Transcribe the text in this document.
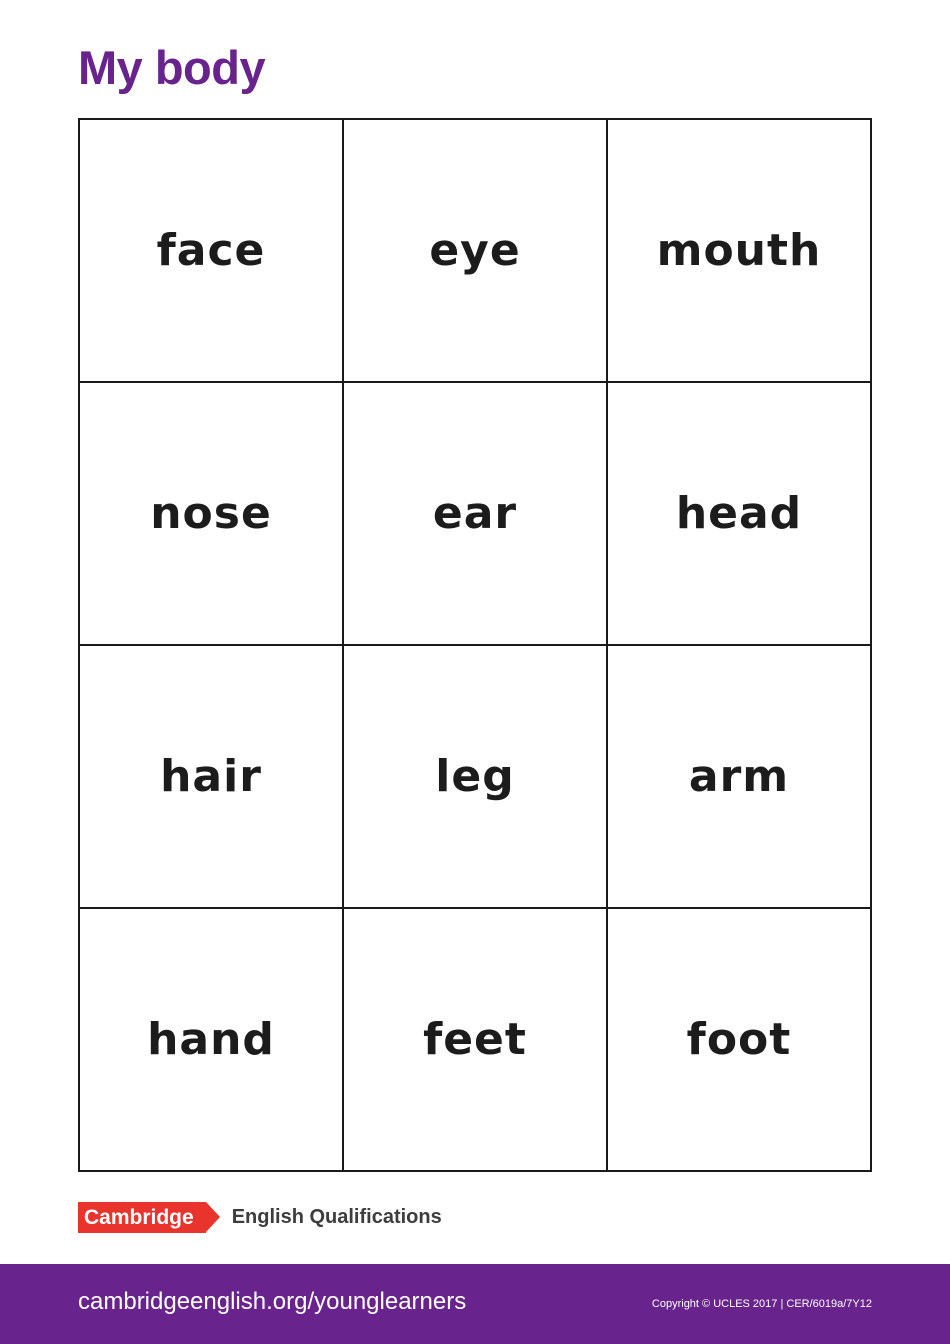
My body
face	eye	mouth
nose	ear	head
hair	leg	arm
hand	feet	foot
Cambridge English Qualifications
cambridgeenglish.org/younglearners	Copyright © UCLES 2017 | CER/6019a/7Y12
